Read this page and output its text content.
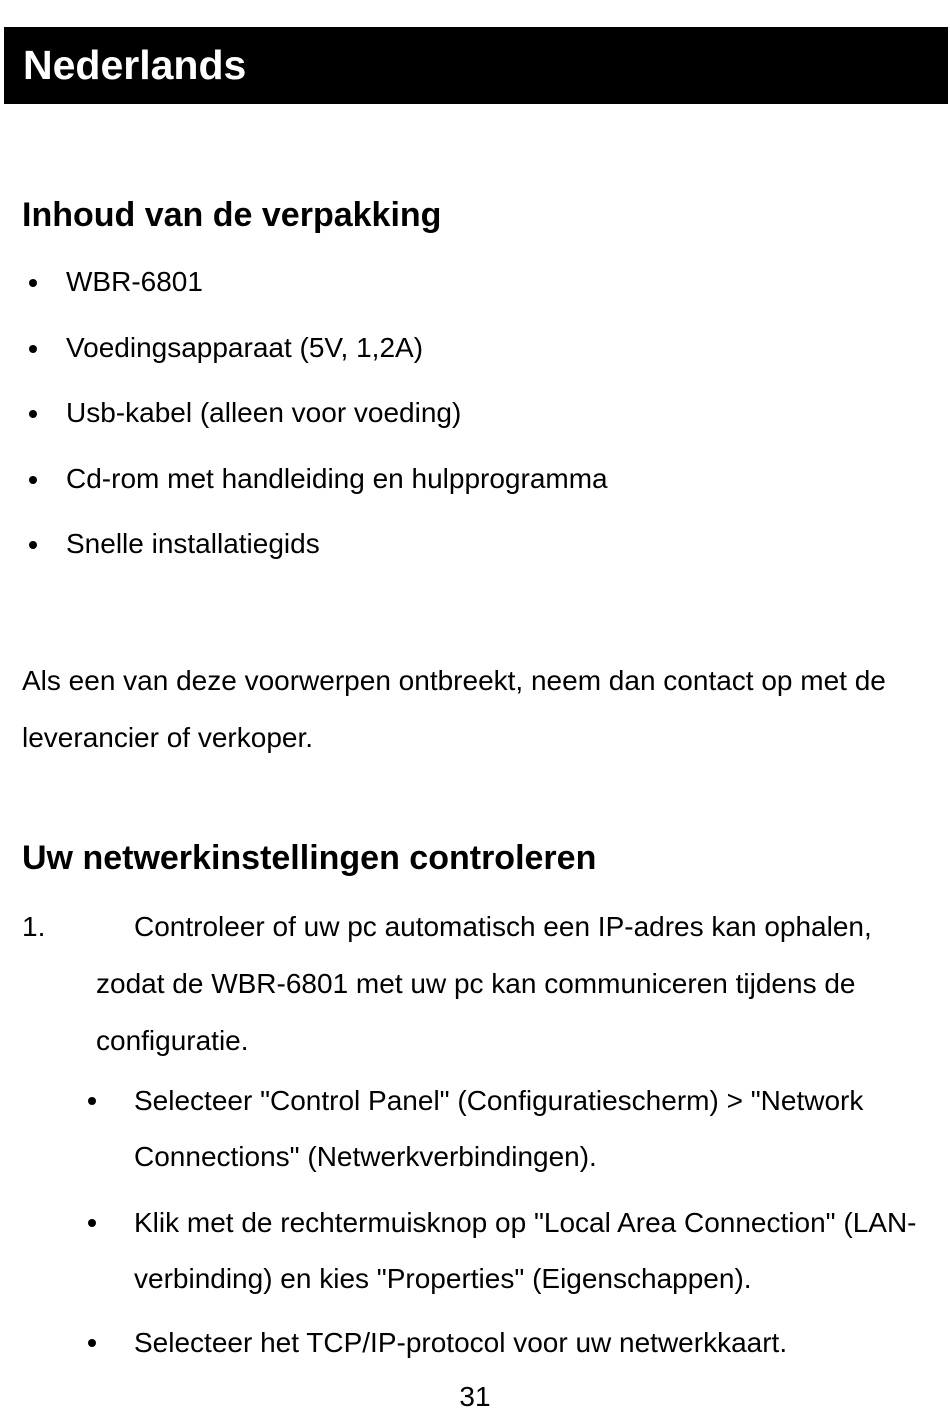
Nederlands
Inhoud van de verpakking
WBR-6801
Voedingsapparaat (5V, 1,2A)
Usb-kabel (alleen voor voeding)
Cd-rom met handleiding en hulpprogramma
Snelle installatiegids

Als een van deze voorwerpen ontbreekt, neem dan contact op met de leverancier of verkoper.

Uw netwerkinstellingen controleren
1.	Controleer of uw pc automatisch een IP-adres kan ophalen, zodat de WBR-6801 met uw pc kan communiceren tijdens de configuratie.

Selecteer "Control Panel" (Configuratiescherm) > "Network Connections" (Netwerkverbindingen).
Klik met de rechtermuisknop op "Local Area Connection" (LAN-verbinding) en kies "Properties" (Eigenschappen).
Selecteer het TCP/IP-protocol voor uw netwerkkaart.
31
